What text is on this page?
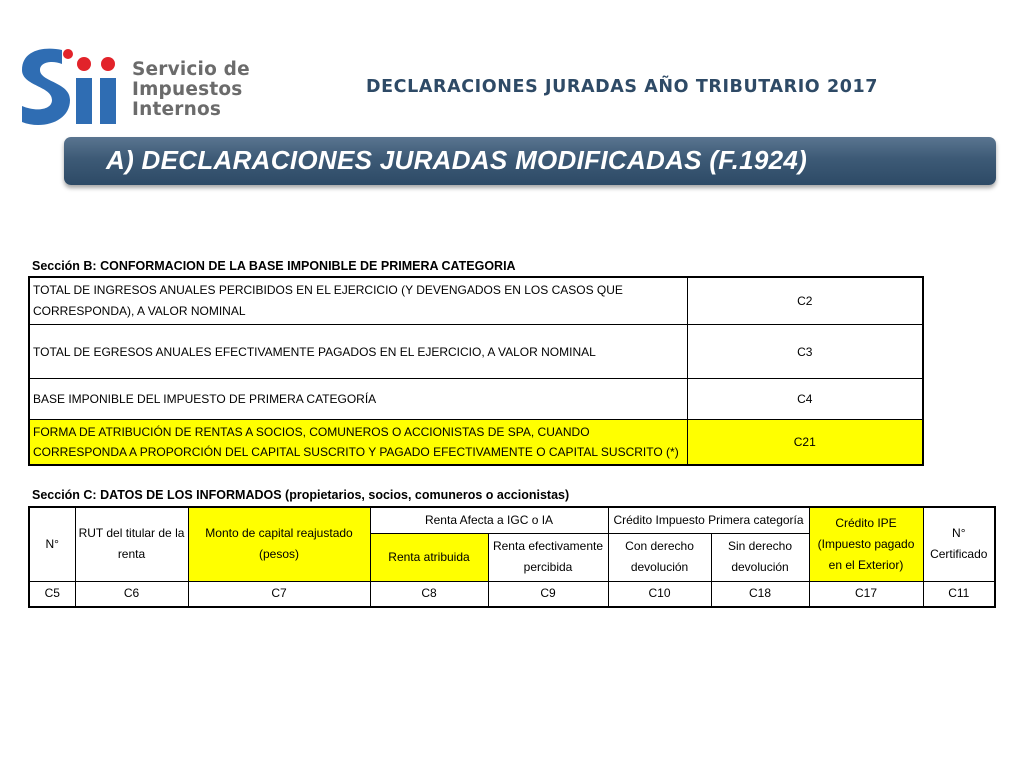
Servicio de
Impuestos
Internos
DECLARACIONES JURADAS AÑO TRIBUTARIO 2017
A) DECLARACIONES JURADAS MODIFICADAS (F.1924)
Sección B: CONFORMACION DE LA BASE IMPONIBLE DE PRIMERA CATEGORIA
TOTAL DE INGRESOS ANUALES PERCIBIDOS EN EL EJERCICIO (Y DEVENGADOS EN LOS CASOS QUE CORRESPONDA), A VALOR NOMINAL	C2
TOTAL DE EGRESOS ANUALES EFECTIVAMENTE PAGADOS EN EL EJERCICIO, A VALOR NOMINAL	C3
BASE IMPONIBLE DEL IMPUESTO DE PRIMERA CATEGORÍA	C4
FORMA DE ATRIBUCIÓN DE RENTAS A SOCIOS, COMUNEROS O ACCIONISTAS DE SPA, CUANDO CORRESPONDA A PROPORCIÓN DEL CAPITAL SUSCRITO Y PAGADO EFECTIVAMENTE O CAPITAL SUSCRITO (*)	C21
Sección C: DATOS DE LOS INFORMADOS (propietarios, socios, comuneros o accionistas)
N°	RUT del titular de la renta	Monto de capital reajustado (pesos)	Renta Afecta a IGC o IA		Crédito Impuesto Primera categoría		Crédito IPE (Impuesto pagado en el Exterior)	N° Certificado
			Renta atribuida	Renta efectivamente percibida	Con derecho devolución	Sin derecho devolución		
C5	C6	C7	C8	C9	C10	C18	C17	C11
